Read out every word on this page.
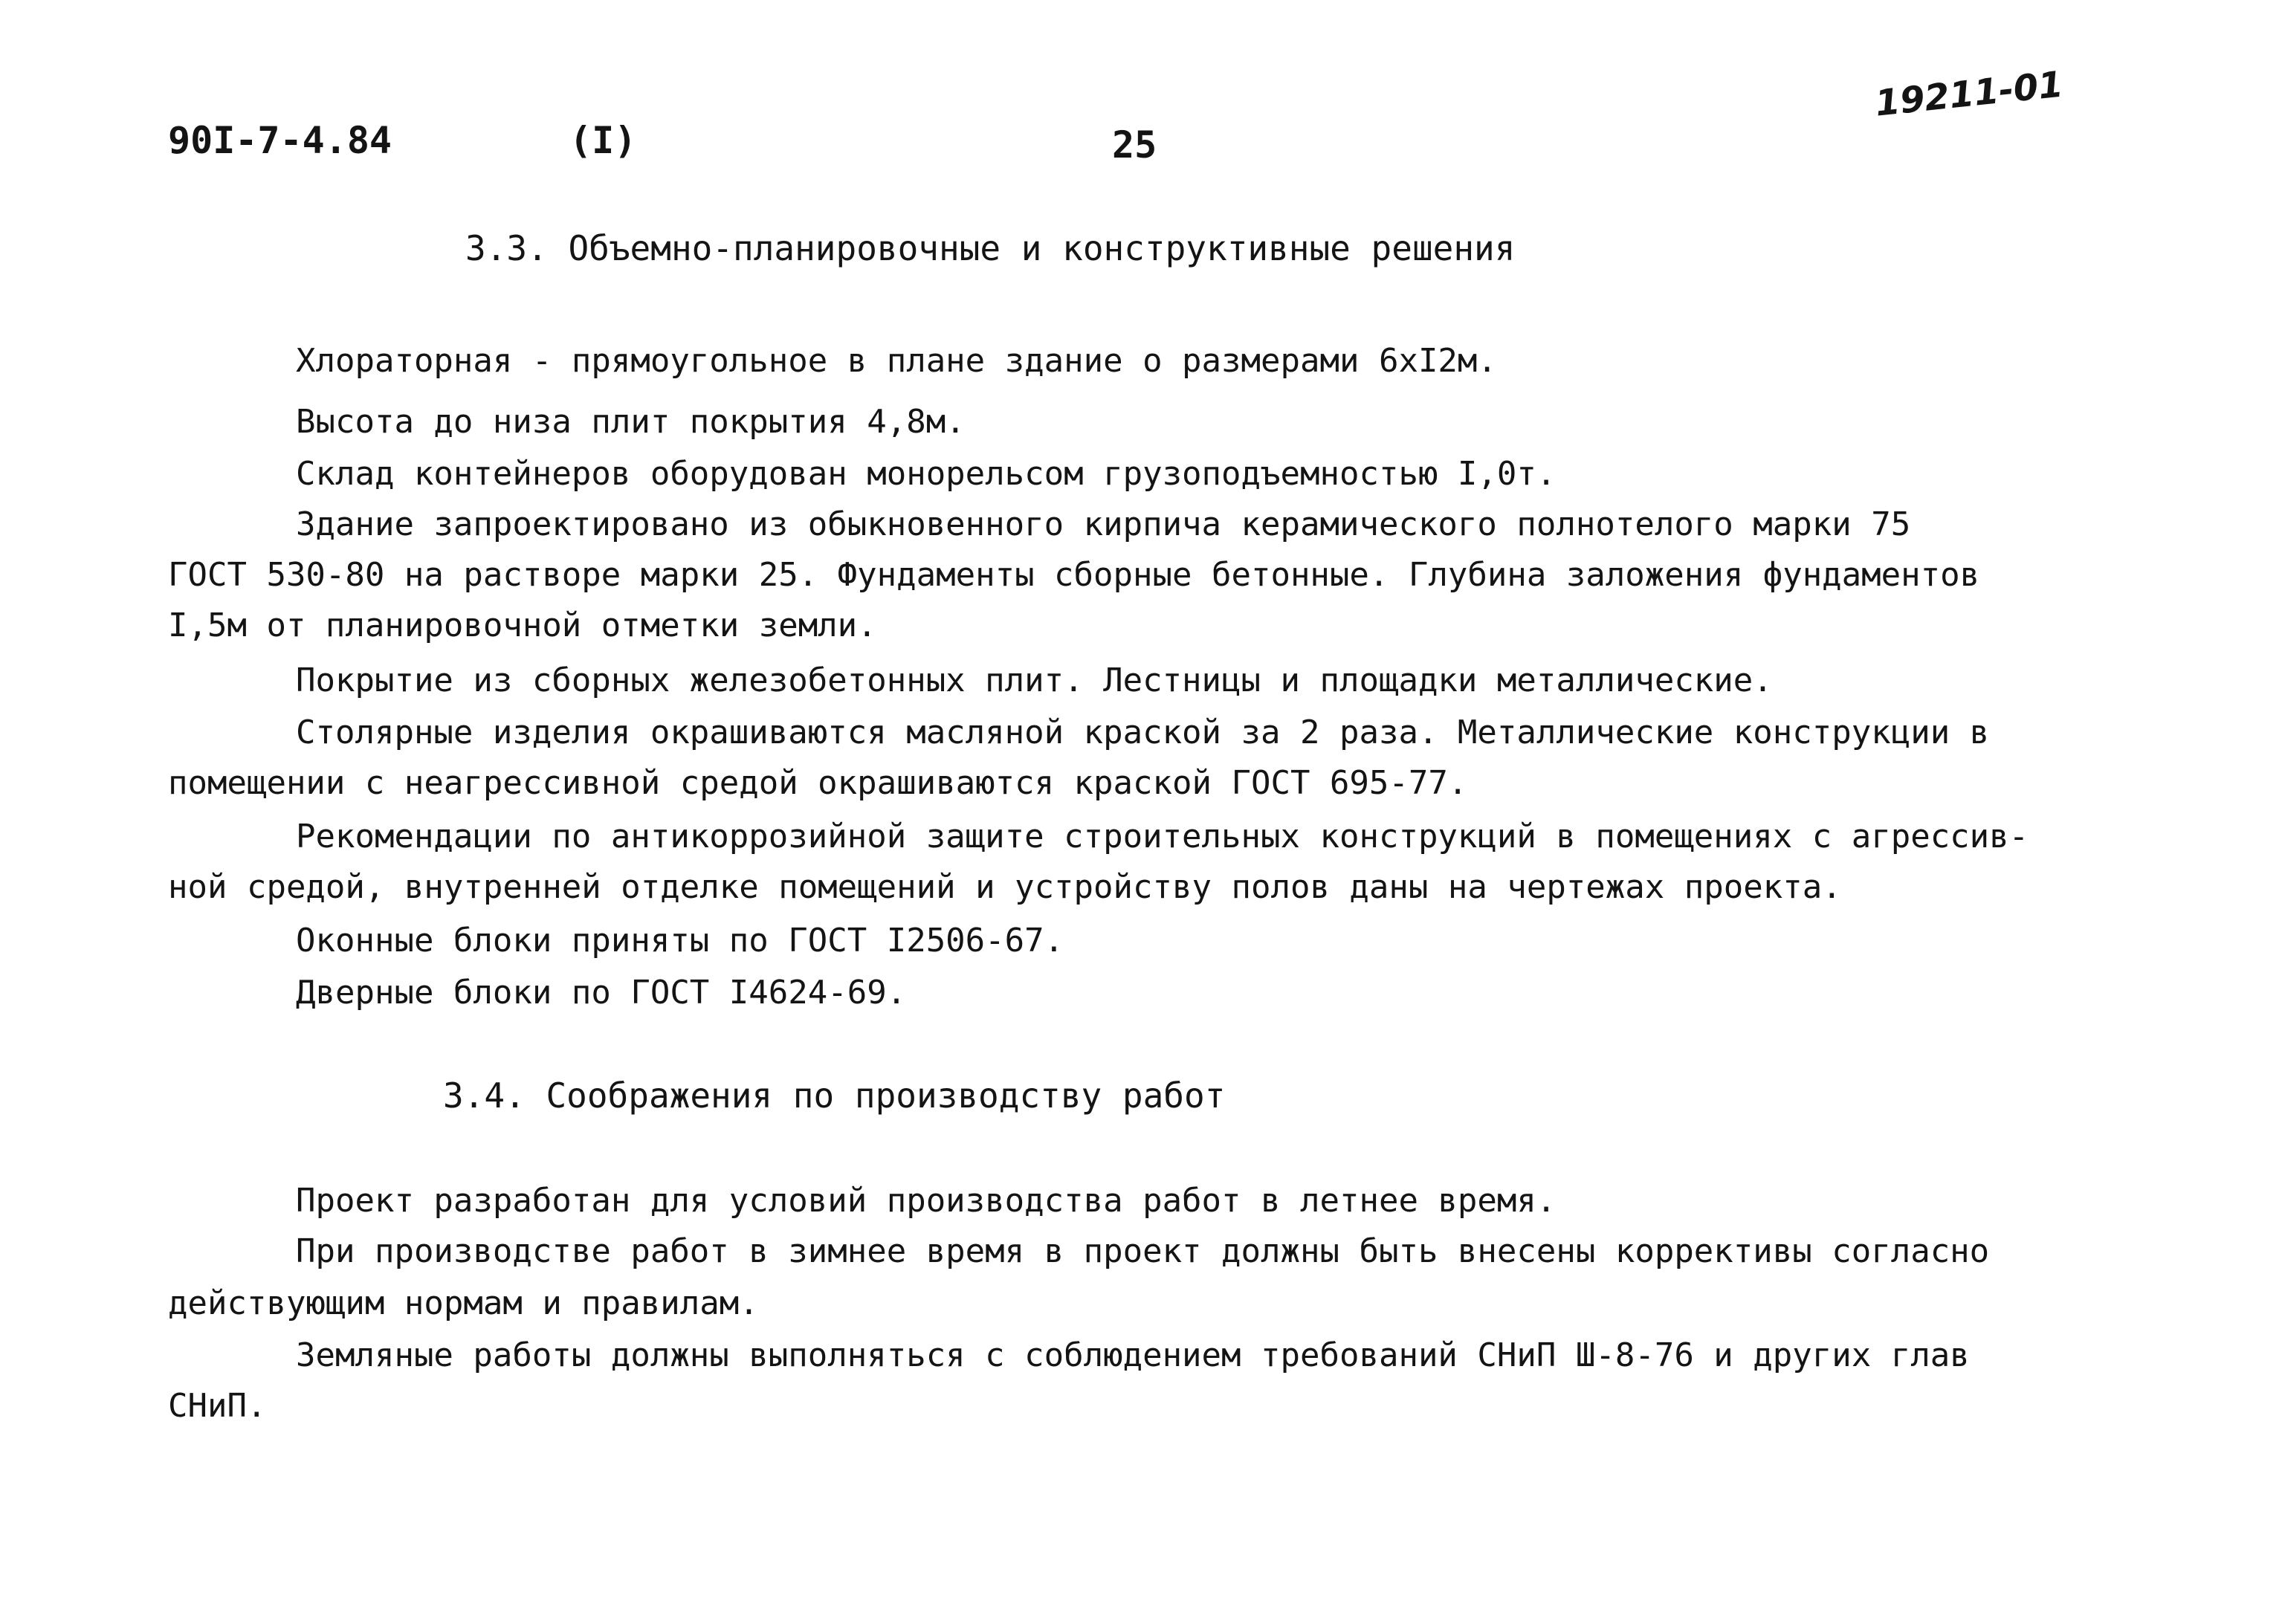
90I-7-4.84	(I)	25
19211-01
3.3. Объемно-планировочные и конструктивные решения
Хлораторная - прямоугольное в плане здание о размерами 6xI2м.
Высота до низа плит покрытия 4,8м.
Склад контейнеров оборудован монорельсом грузоподъемностью I,0т.
Здание запроектировано из обыкновенного кирпича керамического полнотелого марки 75
ГОСТ 530-80 на растворе марки 25. Фундаменты сборные бетонные. Глубина заложения фундаментов
I,5м от планировочной отметки земли.
Покрытие из сборных железобетонных плит. Лестницы и площадки металлические.
Столярные изделия окрашиваются масляной краской за 2 раза. Металлические конструкции в
помещении с неагрессивной средой окрашиваются краской ГОСТ 695-77.
Рекомендации по антикоррозийной защите строительных конструкций в помещениях с агрессив-
ной средой, внутренней отделке помещений и устройству полов даны на чертежах проекта.
Оконные блоки приняты по ГОСТ I2506-67.
Дверные блоки по ГОСТ I4624-69.
3.4. Соображения по производству работ
Проект разработан для условий производства работ в летнее время.
При производстве работ в зимнее время в проект должны быть внесены коррективы согласно
действующим нормам и правилам.
Земляные работы должны выполняться с соблюдением требований СНиП Ш-8-76 и других глав
СНиП.
